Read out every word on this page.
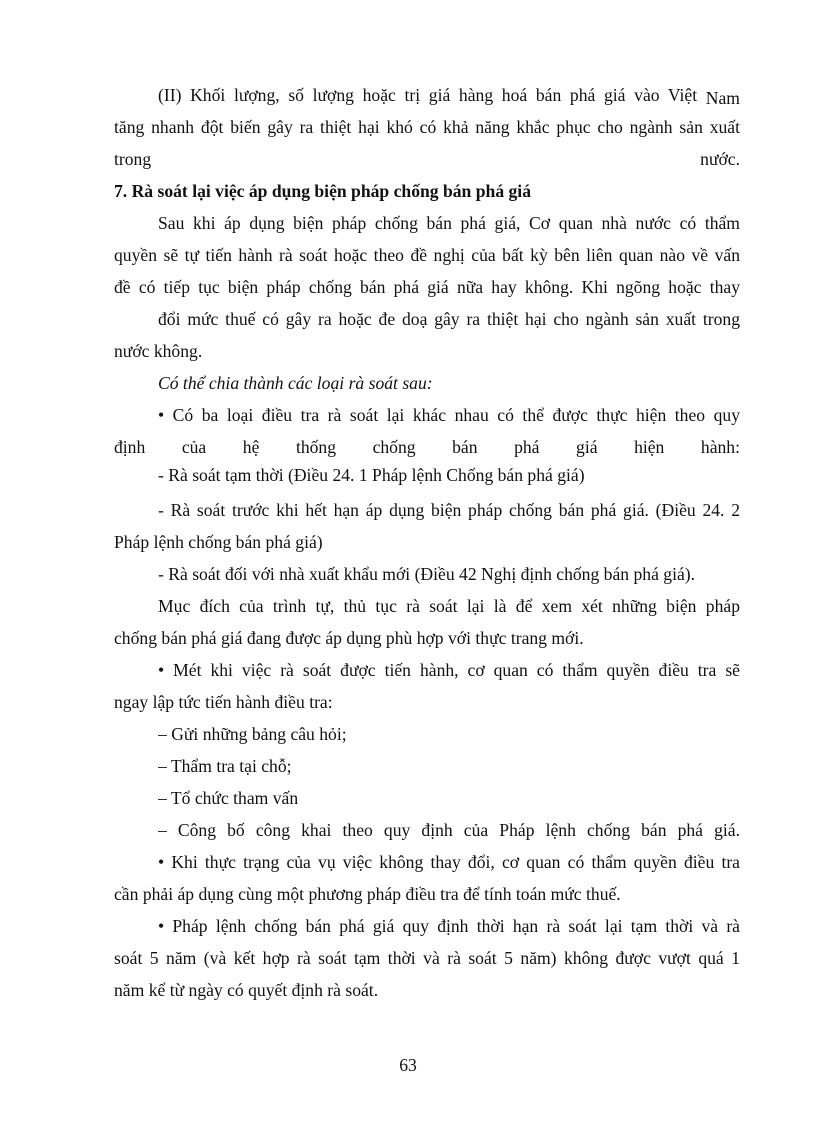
(II) Khối lượng, số lượng hoặc trị giá hàng hoá bán phá giá vào Việt Nam
tăng nhanh đột biến gây ra thiệt hại khó có khả năng khắc phục cho ngành sản xuất
trong	nước.
7. Rà soát lại việc áp dụng biện pháp chống bán phá giá
Sau khi áp dụng biện pháp chống bán phá giá, Cơ quan nhà nước có thẩm
quyền sẽ tự tiến hành rà soát hoặc theo đề nghị của bất kỳ bên liên quan nào về vấn
đề có tiếp tục biện pháp chống bán phá giá nữa hay không. Khi ngõng hoặc thay
đổi mức thuế có gây ra hoặc đe doạ gây ra thiệt hại cho ngành sản xuất trong
nước không.
Có thể chia thành các loại rà soát sau:
• Có ba loại điều tra rà soát lại khác nhau có thể được thực hiện theo quy
định của hệ thống chống bán phá giá hiện hành:
- Rà soát tạm thời (Điều 24. 1 Pháp lệnh Chống bán phá giá)
- Rà soát trước khi hết hạn áp dụng biện pháp chống bán phá giá. (Điều 24. 2
Pháp lệnh chống bán phá giá)
- Rà soát đối với nhà xuất khẩu mới (Điều 42 Nghị định chống bán phá giá).
Mục đích của trình tự, thủ tục rà soát lại là để xem xét những biện pháp
chống bán phá giá đang được áp dụng phù hợp với thực trang mới.
• Mét khi việc rà soát được tiến hành, cơ quan có thẩm quyền điều tra sẽ
ngay lập tức tiến hành điều tra:
– Gửi những bảng câu hỏi;
– Thẩm tra tại chỗ;
– Tổ chức tham vấn
– Công bố công khai theo quy định của Pháp lệnh chống bán phá giá.
• Khi thực trạng của vụ việc không thay đổi, cơ quan có thẩm quyền điều tra
cần phải áp dụng cùng một phương pháp điều tra để tính toán mức thuế.
• Pháp lệnh chống bán phá giá quy định thời hạn rà soát lại tạm thời và rà
soát 5 năm (và kết hợp rà soát tạm thời và rà soát 5 năm) không được vượt quá 1
năm kể từ ngày có quyết định rà soát.
63
